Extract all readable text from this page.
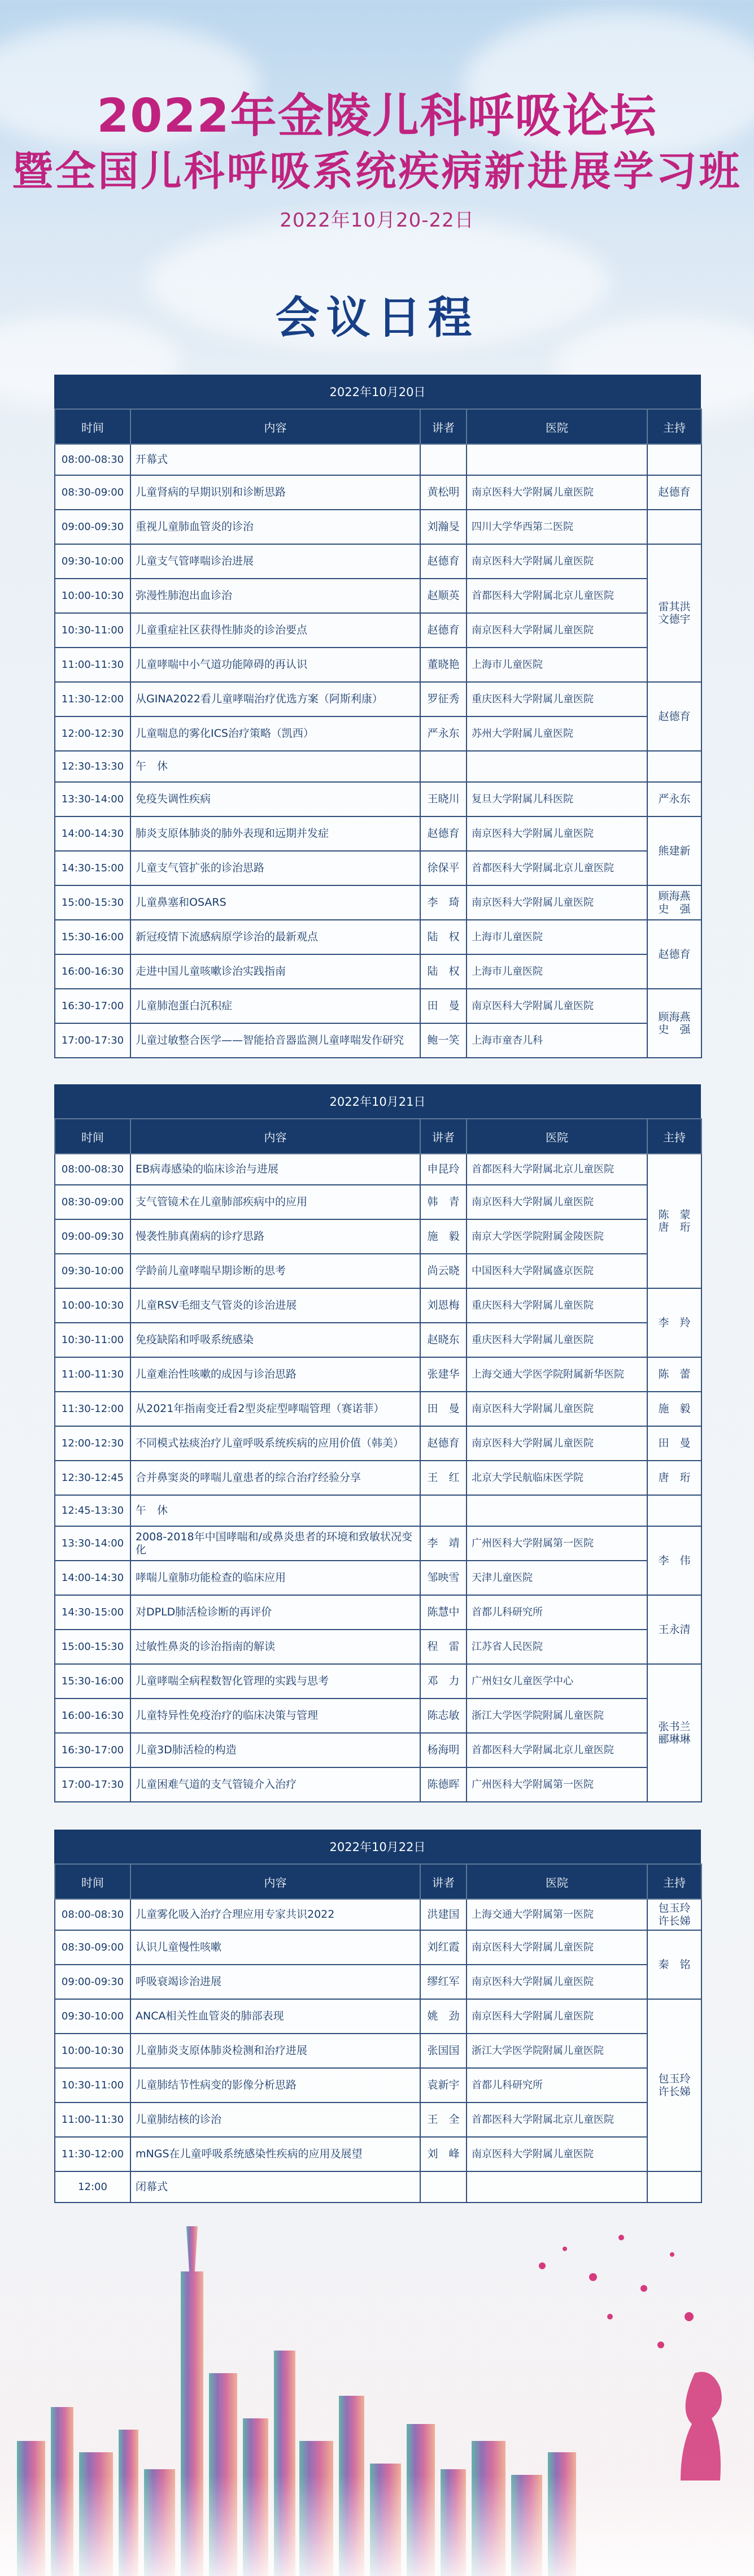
2022年金陵儿科呼吸论坛
暨全国儿科呼吸系统疾病新进展学习班
2022年10月20-22日
会议日程
2022年10月20日
时间	内容	讲者	医院	主持
08:00-08:30	开幕式			
08:30-09:00	儿童肾病的早期识别和诊断思路	黄松明	南京医科大学附属儿童医院	赵德育
09:00-09:30	重视儿童肺血管炎的诊治	刘瀚旻	四川大学华西第二医院	
09:30-10:00	儿童支气管哮喘诊治进展	赵德育	南京医科大学附属儿童医院	雷其洪 文德宇
10:00-10:30	弥漫性肺泡出血诊治	赵顺英	首都医科大学附属北京儿童医院	
10:30-11:00	儿童重症社区获得性肺炎的诊治要点	赵德育	南京医科大学附属儿童医院	
11:00-11:30	儿童哮喘中小气道功能障碍的再认识	董晓艳	上海市儿童医院	
11:30-12:00	从GINA2022看儿童哮喘治疗优选方案（阿斯利康）	罗征秀	重庆医科大学附属儿童医院	赵德育
12:00-12:30	儿童喘息的雾化ICS治疗策略（凯西）	严永东	苏州大学附属儿童医院	
12:30-13:30	午　休			
13:30-14:00	免疫失调性疾病	王晓川	复旦大学附属儿科医院	严永东
14:00-14:30	肺炎支原体肺炎的肺外表现和远期并发症	赵德育	南京医科大学附属儿童医院	熊建新
14:30-15:00	儿童支气管扩张的诊治思路	徐保平	首都医科大学附属北京儿童医院	
15:00-15:30	儿童鼻塞和OSARS	李　琦	南京医科大学附属儿童医院	顾海燕 史　强
15:30-16:00	新冠疫情下流感病原学诊治的最新观点	陆　权	上海市儿童医院	赵德育
16:00-16:30	走进中国儿童咳嗽诊治实践指南	陆　权	上海市儿童医院	
16:30-17:00	儿童肺泡蛋白沉积症	田　曼	南京医科大学附属儿童医院	顾海燕 史　强
17:00-17:30	儿童过敏整合医学——智能拾音器监测儿童哮喘发作研究	鲍一笑	上海市童杏儿科	
2022年10月21日
时间	内容	讲者	医院	主持
08:00-08:30	EB病毒感染的临床诊治与进展	申昆玲	首都医科大学附属北京儿童医院	陈　蒙 唐　珩
08:30-09:00	支气管镜术在儿童肺部疾病中的应用	韩　青	南京医科大学附属儿童医院	
09:00-09:30	慢袭性肺真菌病的诊疗思路	施　毅	南京大学医学院附属金陵医院	
09:30-10:00	学龄前儿童哮喘早期诊断的思考	尚云晓	中国医科大学附属盛京医院	
10:00-10:30	儿童RSV毛细支气管炎的诊治进展	刘恩梅	重庆医科大学附属儿童医院	李　羚
10:30-11:00	免疫缺陷和呼吸系统感染	赵晓东	重庆医科大学附属儿童医院	
11:00-11:30	儿童难治性咳嗽的成因与诊治思路	张建华	上海交通大学医学院附属新华医院	陈　蕾
11:30-12:00	从2021年指南变迁看2型炎症型哮喘管理（赛诺菲）	田　曼	南京医科大学附属儿童医院	施　毅
12:00-12:30	不同模式祛痰治疗儿童呼吸系统疾病的应用价值（韩美）	赵德育	南京医科大学附属儿童医院	田　曼
12:30-12:45	合并鼻窦炎的哮喘儿童患者的综合治疗经验分享	王　红	北京大学民航临床医学院	唐　珩
12:45-13:30	午　休			
13:30-14:00	2008-2018年中国哮喘和/或鼻炎患者的环境和致敏状况变化	李　靖	广州医科大学附属第一医院	李　伟
14:00-14:30	哮喘儿童肺功能检查的临床应用	邹映雪	天津儿童医院	
14:30-15:00	对DPLD肺活检诊断的再评价	陈慧中	首都儿科研究所	王永清
15:00-15:30	过敏性鼻炎的诊治指南的解读	程　雷	江苏省人民医院	
15:30-16:00	儿童哮喘全病程数智化管理的实践与思考	邓　力	广州妇女儿童医学中心	张书兰 郦琳琳
16:00-16:30	儿童特异性免疫治疗的临床决策与管理	陈志敏	浙江大学医学院附属儿童医院	
16:30-17:00	儿童3D肺活检的构造	杨海明	首都医科大学附属北京儿童医院	
17:00-17:30	儿童困难气道的支气管镜介入治疗	陈德晖	广州医科大学附属第一医院	
2022年10月22日
时间	内容	讲者	医院	主持
08:00-08:30	儿童雾化吸入治疗合理应用专家共识2022	洪建国	上海交通大学附属第一医院	包玉玲 许长娣
08:30-09:00	认识儿童慢性咳嗽	刘红霞	南京医科大学附属儿童医院	秦　铭
09:00-09:30	呼吸衰竭诊治进展	缪红军	南京医科大学附属儿童医院	
09:30-10:00	ANCA相关性血管炎的肺部表现	姚　劲	南京医科大学附属儿童医院	包玉玲 许长娣
10:00-10:30	儿童肺炎支原体肺炎检测和治疗进展	张国国	浙江大学医学院附属儿童医院	
10:30-11:00	儿童肺结节性病变的影像分析思路	袁新宇	首都儿科研究所	
11:00-11:30	儿童肺结核的诊治	王　全	首都医科大学附属北京儿童医院	
11:30-12:00	mNGS在儿童呼吸系统感染性疾病的应用及展望	刘　峰	南京医科大学附属儿童医院	
12:00	闭幕式			
